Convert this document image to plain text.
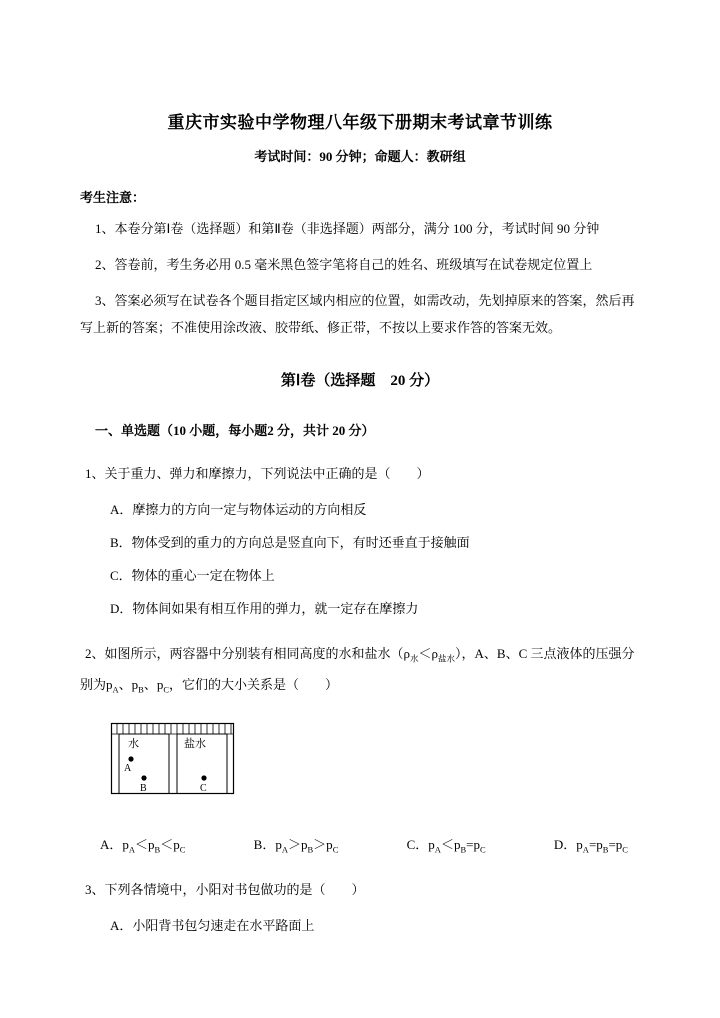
重庆市实验中学物理八年级下册期末考试章节训练
考试时间：90 分钟；命题人：教研组
考生注意：
1、本卷分第Ⅰ卷（选择题）和第Ⅱ卷（非选择题）两部分，满分 100 分，考试时间 90 分钟
2、答卷前，考生务必用 0.5 毫米黑色签字笔将自己的姓名、班级填写在试卷规定位置上
3、答案必须写在试卷各个题目指定区域内相应的位置，如需改动，先划掉原来的答案，然后再写上新的答案；不准使用涂改液、胶带纸、修正带，不按以上要求作答的答案无效。
第Ⅰ卷（选择题　20 分）
一、单选题（10 小题，每小题2 分，共计 20 分）
1、关于重力、弹力和摩擦力，下列说法中正确的是（　　）
A．摩擦力的方向一定与物体运动的方向相反
B．物体受到的重力的方向总是竖直向下，有时还垂直于接触面
C．物体的重心一定在物体上
D．物体间如果有相互作用的弹力，就一定存在摩擦力
2、如图所示，两容器中分别装有相同高度的水和盐水$(\rho_水<\rho_{盐水})$，A、B、C 三点液体的压强分别为$p_A$、$p_B$、$p_C$，它们的大小关系是（　　）
水	盐水
A
B	C
A．$p_A<p_B<p_C$	B．$p_A>p_B>p_C$	C．$p_A<p_B=p_C$	D．$p_A=p_B=p_C$
3、下列各情境中，小阳对书包做功的是（　　）
A．小阳背书包匀速走在水平路面上
